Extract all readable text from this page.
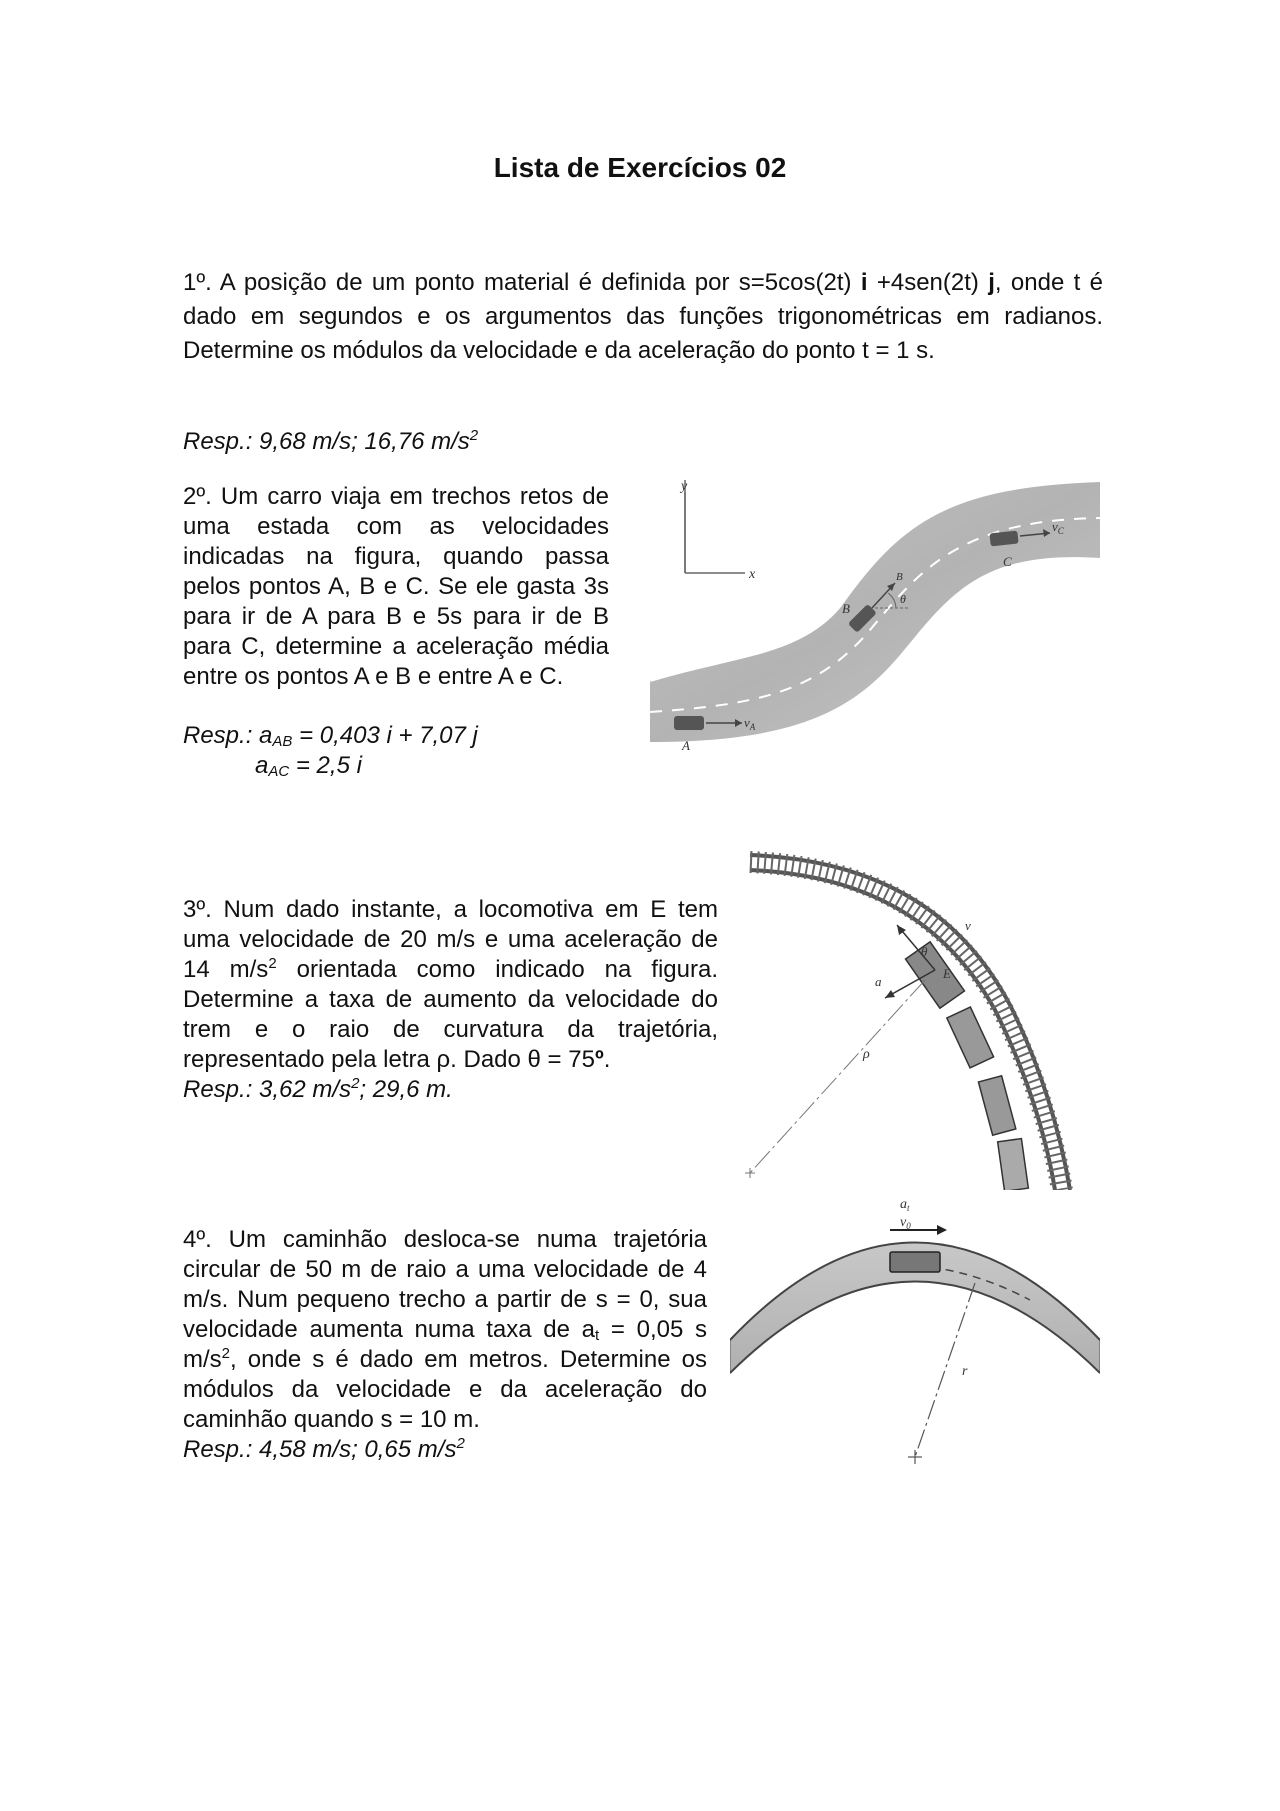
Lista de Exercícios 02
1º. A posição de um ponto material é definida por s=5cos(2t) i +4sen(2t) j, onde t é dado em segundos e os argumentos das funções trigonométricas em radianos. Determine os módulos da velocidade e da aceleração do ponto t = 1 s.
Resp.: 9,68 m/s; 16,76 $m/s^2$
2º. Um carro viaja em trechos retos de uma estada com as velocidades indicadas na figura, quando passa pelos pontos A, B e C. Se ele gasta 3s para ir de A para B e 5s para ir de B para C, determine a aceleração média entre os pontos A e B e entre A e C.
Resp.: $a_{AB} = 0,403$ i + 7,07 j
$a_{AC} = 2,5$ i
y
x
$v_C$
C
B
B
θ
$v_A$
A
3º. Num dado instante, a locomotiva em E tem uma velocidade de 20 m/s e uma aceleração de 14 $m/s^2$ orientada como indicado na figura. Determine a taxa de aumento da velocidade do trem e o raio de curvatura da trajetória, representado pela letra ρ. Dado θ = 75º.
Resp.: 3,62 $m/s^2$; 29,6 m.
v
θ
a
E
ρ
4º. Um caminhão desloca-se numa trajetória circular de 50 m de raio a uma velocidade de 4 m/s. Num pequeno trecho a partir de s = 0, sua velocidade aumenta numa taxa de $a_t = 0,05$ s $m/s^2$, onde s é dado em metros. Determine os módulos da velocidade e da aceleração do caminhão quando s = 10 m.
Resp.: 4,58 m/s; 0,65 $m/s^2$
$a_t$
$v_0$
r
